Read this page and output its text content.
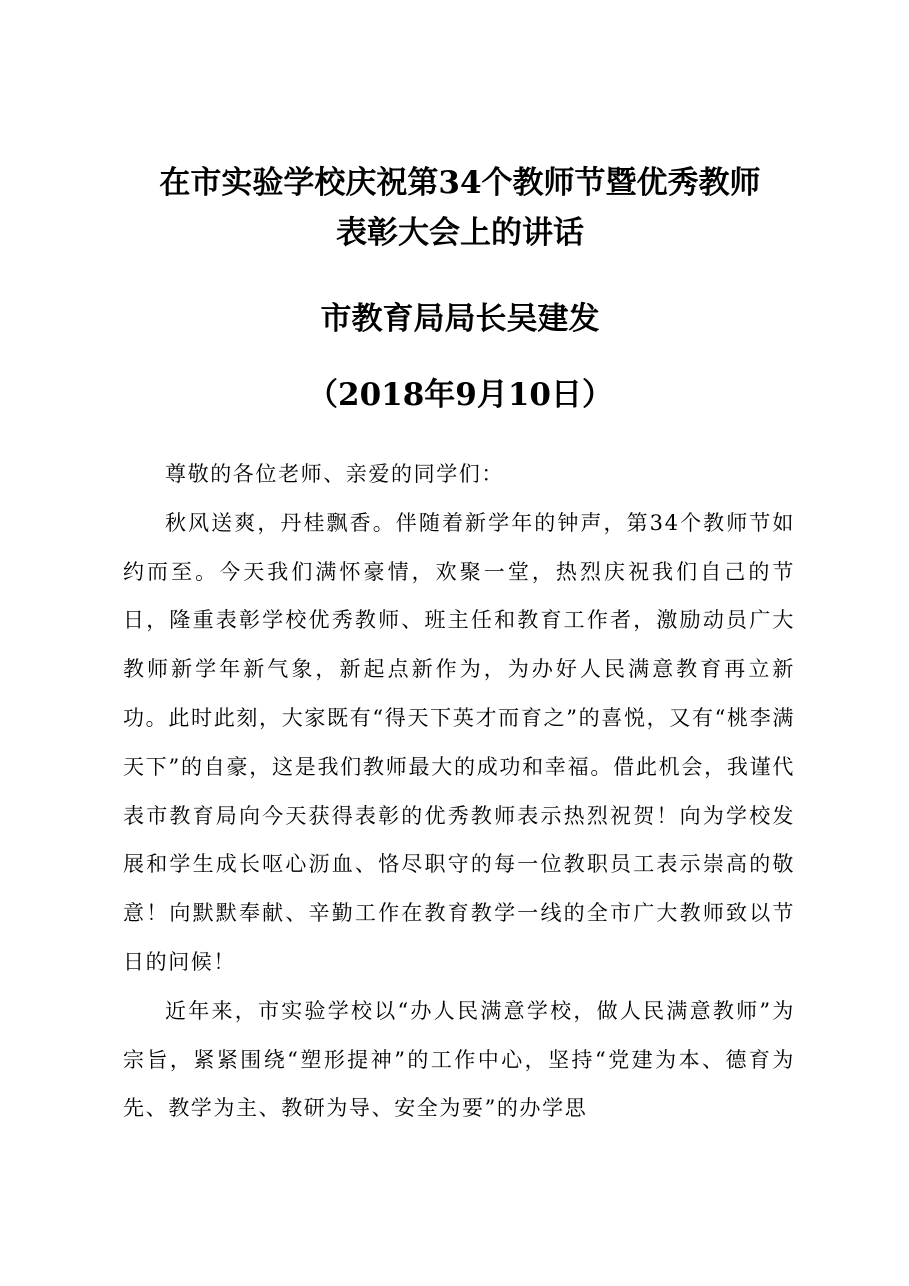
在市实验学校庆祝第34个教师节暨优秀教师
表彰大会上的讲话
市教育局局长吴建发
（2018年9月10日）

尊敬的各位老师、亲爱的同学们：

秋风送爽，丹桂飘香。伴随着新学年的钟声，第34个教师节如约而至。今天我们满怀豪情，欢聚一堂，热烈庆祝我们自己的节日，隆重表彰学校优秀教师、班主任和教育工作者，激励动员广大教师新学年新气象，新起点新作为，为办好人民满意教育再立新功。此时此刻，大家既有“得天下英才而育之”的喜悦，又有“桃李满天下”的自豪，这是我们教师最大的成功和幸福。借此机会，我谨代表市教育局向今天获得表彰的优秀教师表示热烈祝贺！向为学校发展和学生成长呕心沥血、恪尽职守的每一位教职员工表示崇高的敬意！向默默奉献、辛勤工作在教育教学一线的全市广大教师致以节日的问候！

近年来，市实验学校以“办人民满意学校，做人民满意教师”为宗旨，紧紧围绕“塑形提神”的工作中心，坚持“党建为本、德育为先、教学为主、教研为导、安全为要”的办学思
